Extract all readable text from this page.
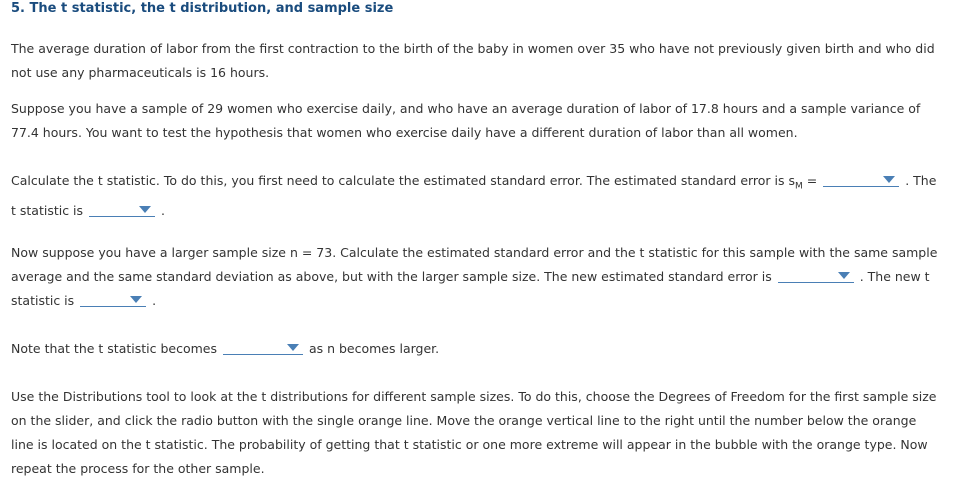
5. The t statistic, the t distribution, and sample size

The average duration of labor from the first contraction to the birth of the baby in women over 35 who have not previously given birth and who did not use any pharmaceuticals is 16 hours.

Suppose you have a sample of 29 women who exercise daily, and who have an average duration of labor of 17.8 hours and a sample variance of 77.4 hours. You want to test the hypothesis that women who exercise daily have a different duration of labor than all women.

Calculate the t statistic. To do this, you first need to calculate the estimated standard error. The estimated standard error is $s_M$ =	. The t statistic is	.

Now suppose you have a larger sample size n = 73. Calculate the estimated standard error and the t statistic for this sample with the same sample average and the same standard deviation as above, but with the larger sample size. The new estimated standard error is	. The new t statistic is	.

Note that the t statistic becomes	as n becomes larger.

Use the Distributions tool to look at the t distributions for different sample sizes. To do this, choose the Degrees of Freedom for the first sample size on the slider, and click the radio button with the single orange line. Move the orange vertical line to the right until the number below the orange line is located on the t statistic. The probability of getting that t statistic or one more extreme will appear in the bubble with the orange type. Now repeat the process for the other sample.
